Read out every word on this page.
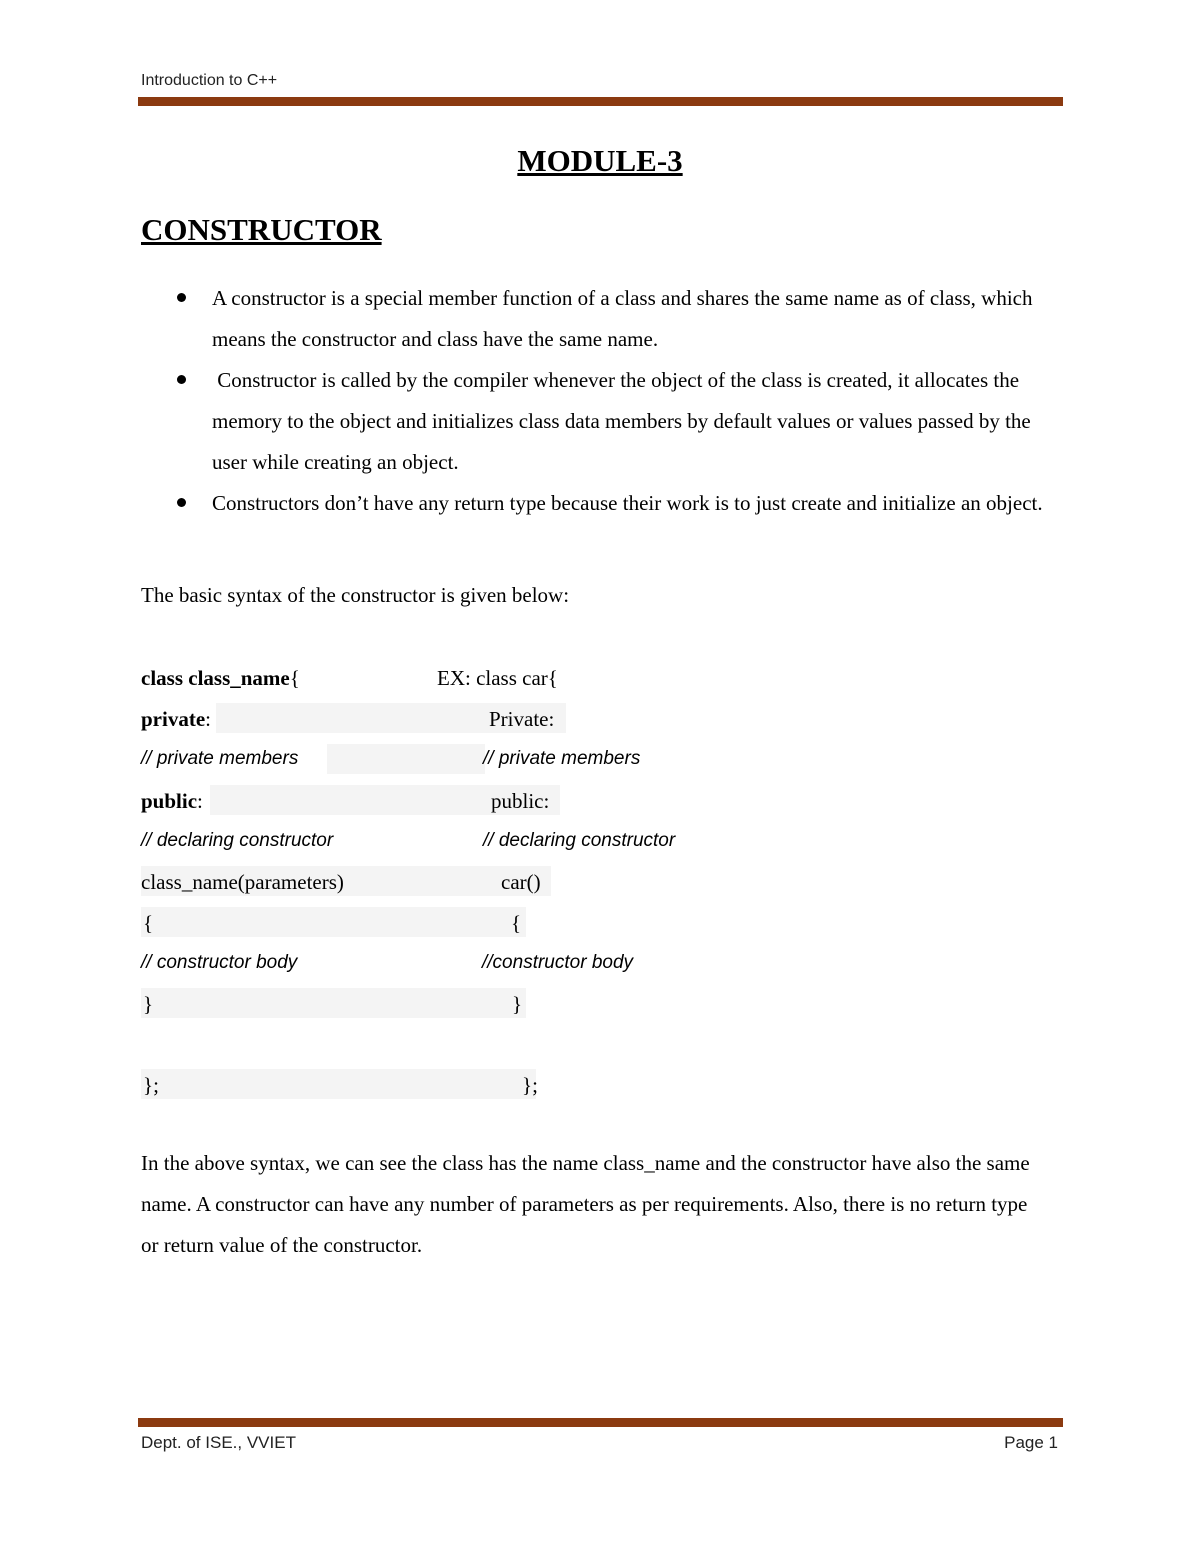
Introduction to C++
MODULE-3
CONSTRUCTOR
A constructor is a special member function of a class and shares the same name as of class, which means the constructor and class have the same name.
Constructor is called by the compiler whenever the object of the class is created, it allocates the memory to the object and initializes class data members by default values or values passed by the user while creating an object.
Constructors don’t have any return type because their work is to just create and initialize an object.
The basic syntax of the constructor is given below:
class class_name{
private:
// private members
public:
// declaring constructor
class_name(parameters)
{
// constructor body
}
};
EX: class car{
Private:
// private members
public:
// declaring constructor
car()
{
//constructor body
}
};
In the above syntax, we can see the class has the name class_name and the constructor have also the same name. A constructor can have any number of parameters as per requirements. Also, there is no return type or return value of the constructor.
Dept. of ISE., VVIET	Page 1
